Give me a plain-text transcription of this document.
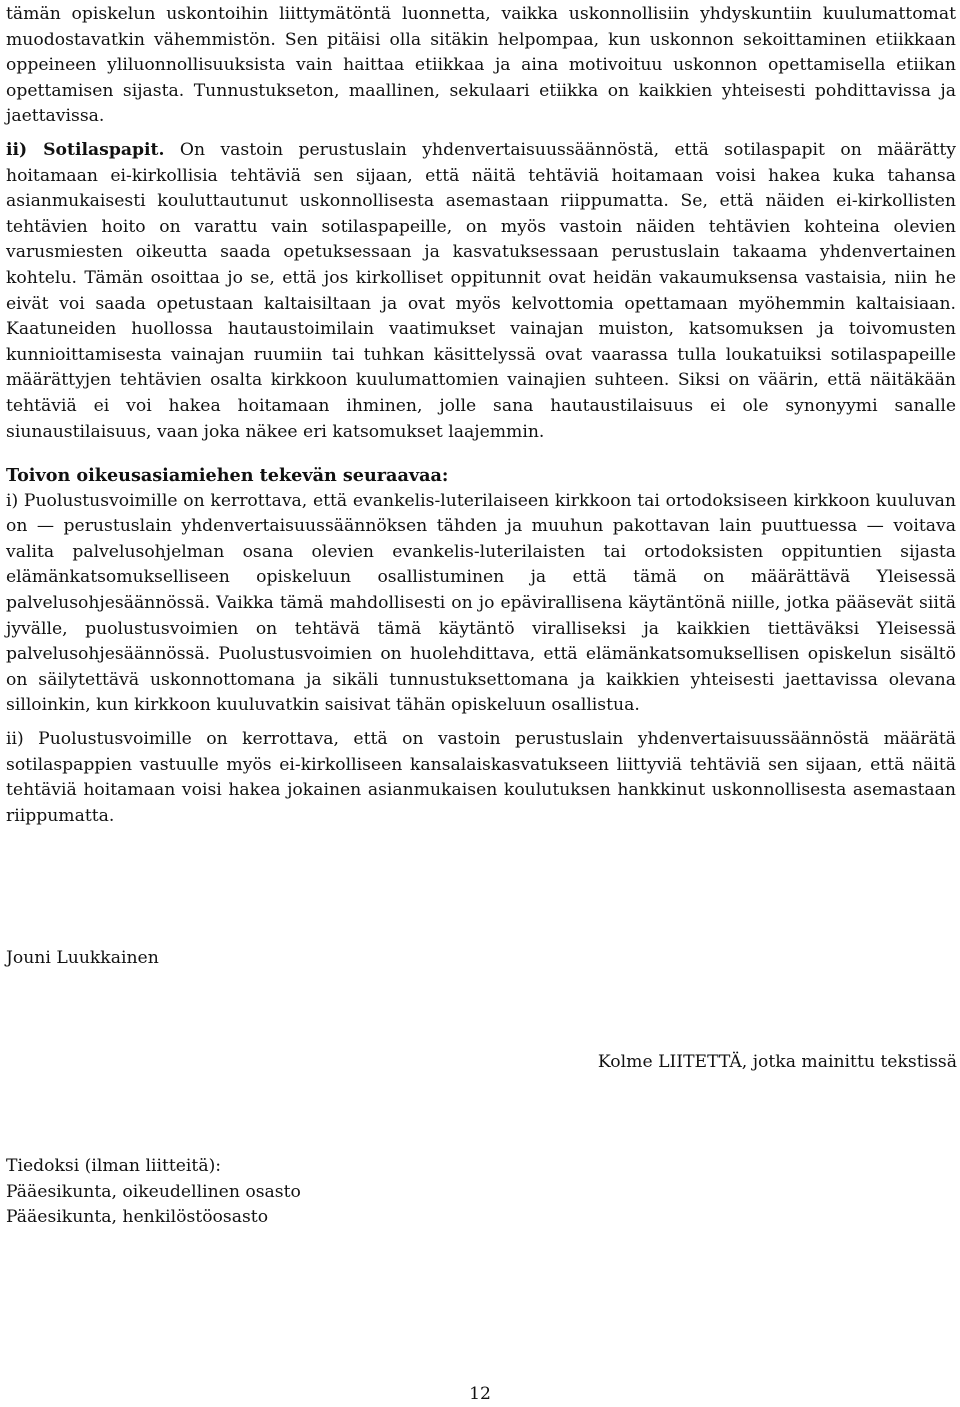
tämän opiskelun uskontoihin liittymätöntä luonnetta, vaikka uskonnollisiin yhdyskuntiin kuulumattomat muodostavatkin vähemmistön. Sen pitäisi olla sitäkin helpompaa, kun uskonnon sekoittaminen etiikkaan oppeineen yliluonnollisuuksista vain haittaa etiikkaa ja aina motivoituu uskonnon opettamisella etiikan opettamisen sijasta. Tunnustukseton, maallinen, sekulaari etiikka on kaikkien yhteisesti pohdittavissa ja jaettavissa.

ii) Sotilaspapit. On vastoin perustuslain yhdenvertaisuussäännöstä, että sotilaspapit on määrätty hoitamaan ei-kirkollisia tehtäviä sen sijaan, että näitä tehtäviä hoitamaan voisi hakea kuka tahansa asianmukaisesti kouluttautunut uskonnollisesta asemastaan riippumatta. Se, että näiden ei-kirkollisten tehtävien hoito on varattu vain sotilaspapeille, on myös vastoin näiden tehtävien kohteina olevien varusmiesten oikeutta saada opetuksessaan ja kasvatuksessaan perustuslain takaama yhdenvertainen kohtelu. Tämän osoittaa jo se, että jos kirkolliset oppitunnit ovat heidän vakaumuksensa vastaisia, niin he eivät voi saada opetustaan kaltaisiltaan ja ovat myös kelvottomia opettamaan myöhemmin kaltaisiaan. Kaatuneiden huollossa hautaustoimilain vaatimukset vainajan muiston, katsomuksen ja toivomusten kunnioittamisesta vainajan ruumiin tai tuhkan käsittelyssä ovat vaarassa tulla loukatuiksi sotilaspapeille määrättyjen tehtävien osalta kirkkoon kuulumattomien vainajien suhteen. Siksi on väärin, että näitäkään tehtäviä ei voi hakea hoitamaan ihminen, jolle sana hautaustilaisuus ei ole synonyymi sanalle siunaustilaisuus, vaan joka näkee eri katsomukset laajemmin.

Toivon oikeusasiamiehen tekevän seuraavaa:

i) Puolustusvoimille on kerrottava, että evankelis-luterilaiseen kirkkoon tai ortodoksiseen kirkkoon kuuluvan on — perustuslain yhdenvertaisuussäännöksen tähden ja muuhun pakottavan lain puuttuessa — voitava valita palvelusohjelman osana olevien evankelis-luterilaisten tai ortodoksisten oppituntien sijasta elämänkatsomukselliseen opiskeluun osallistuminen ja että tämä on määrättävä Yleisessä palvelusohjesäännössä. Vaikka tämä mahdollisesti on jo epävirallisena käytäntönä niille, jotka pääsevät siitä jyvälle, puolustusvoimien on tehtävä tämä käytäntö viralliseksi ja kaikkien tiettäväksi Yleisessä palvelusohjesäännössä. Puolustusvoimien on huolehdittava, että elämänkatsomuksellisen opiskelun sisältö on säilytettävä uskonnottomana ja sikäli tunnustuksettomana ja kaikkien yhteisesti jaettavissa olevana silloinkin, kun kirkkoon kuuluvatkin saisivat tähän opiskeluun osallistua.

ii) Puolustusvoimille on kerrottava, että on vastoin perustuslain yhdenvertaisuussäännöstä määrätä sotilaspappien vastuulle myös ei-kirkolliseen kansalaiskasvatukseen liittyviä tehtäviä sen sijaan, että näitä tehtäviä hoitamaan voisi hakea jokainen asianmukaisen koulutuksen hankkinut uskonnollisesta asemastaan riippumatta.

Jouni Luukkainen
Kolme LIITETTÄ, jotka mainittu tekstissä
Tiedoksi (ilman liitteitä):
Pääesikunta, oikeudellinen osasto
Pääesikunta, henkilöstöosasto
12
